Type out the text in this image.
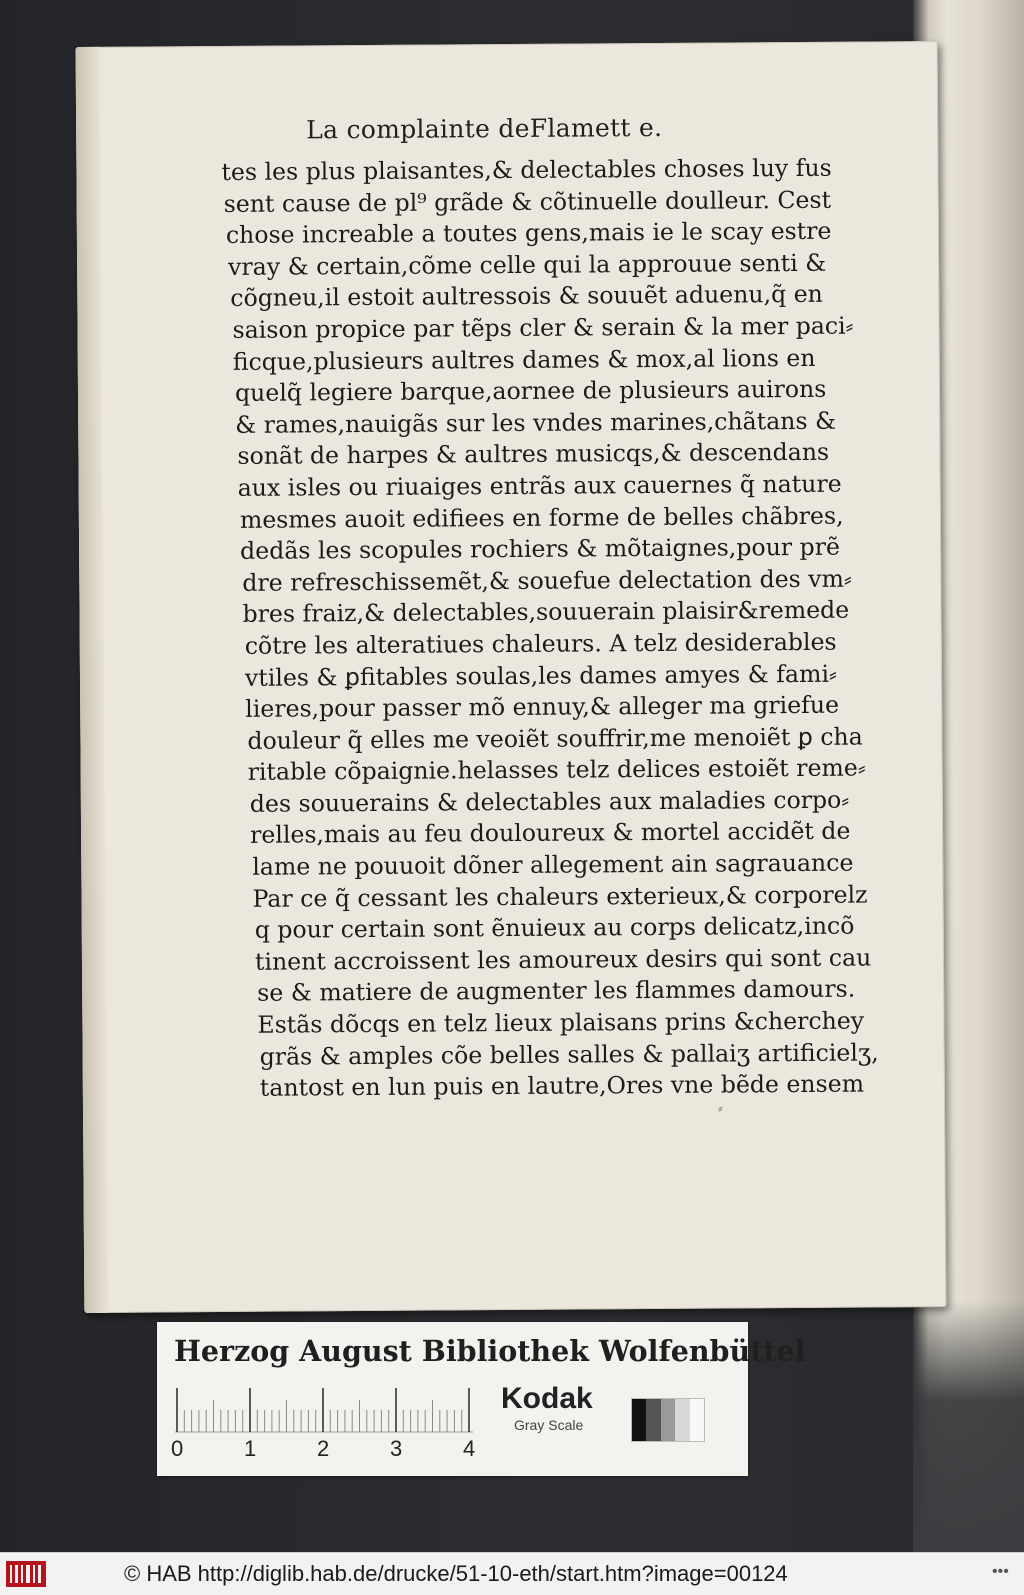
La complainte deFlamett e.
tes les plus plaisantes,& delectables choses luy fus
sent cause de pl⁹ grãde & cõtinuelle doulleur. Cest
chose increable a toutes gens,mais ie le scay estre
vray & certain,cõme celle qui la approuue senti &
cõgneu,il estoit aultressois & souuẽt aduenu,q̃ en
saison propice par tẽps cler & serain & la mer paci⸗
ficque,plusieurs aultres dames & mox,al lions en
quelq̃ legiere barque,aornee de plusieurs auirons
& rames,nauigãs sur les vndes marines,chãtans &
sonãt de harpes & aultres musicqs,& descendans
aux isles ou riuaiges entrãs aux cauernes q̃ nature
mesmes auoit edifiees en forme de belles chãbres,
dedãs les scopules rochiers & mõtaignes,pour prẽ
dre refreschissemẽt,& souefue delectation des vm⸗
bres fraiz,& delectables,souuerain plaisir&remede
cõtre les alteratiues chaleurs. A telz desiderables
vtiles & ꝑfitables soulas,les dames amyes & fami⸗
lieres,pour passer mõ ennuy,& alleger ma griefue
douleur q̃ elles me veoiẽt souffrir,me menoiẽt ꝑ cha
ritable cõpaignie.helasses telz delices estoiẽt reme⸗
des souuerains & delectables aux maladies corpo⸗
relles,mais au feu douloureux & mortel accidẽt de
lame ne pouuoit dõner allegement ain sagrauance
Par ce q̃ cessant les chaleurs exterieux,& corporelz
q pour certain sont ẽnuieux au corps delicatz,incõ
tinent accroissent les amoureux desirs qui sont cau
se & matiere de augmenter les flammes damours.
Estãs dõcqs en telz lieux plaisans prins &cherchey
grãs & amples cõe belles salles & pallaiʒ artificielʒ,
tantost en lun puis en lautre,Ores vne bẽde ensem
⸗
Herzog August Bibliothek Wolfenbüttel
0	1	2	3	4
Kodak
Gray Scale
© HAB http://diglib.hab.de/drucke/51-10-eth/start.htm?image=00124	•••
